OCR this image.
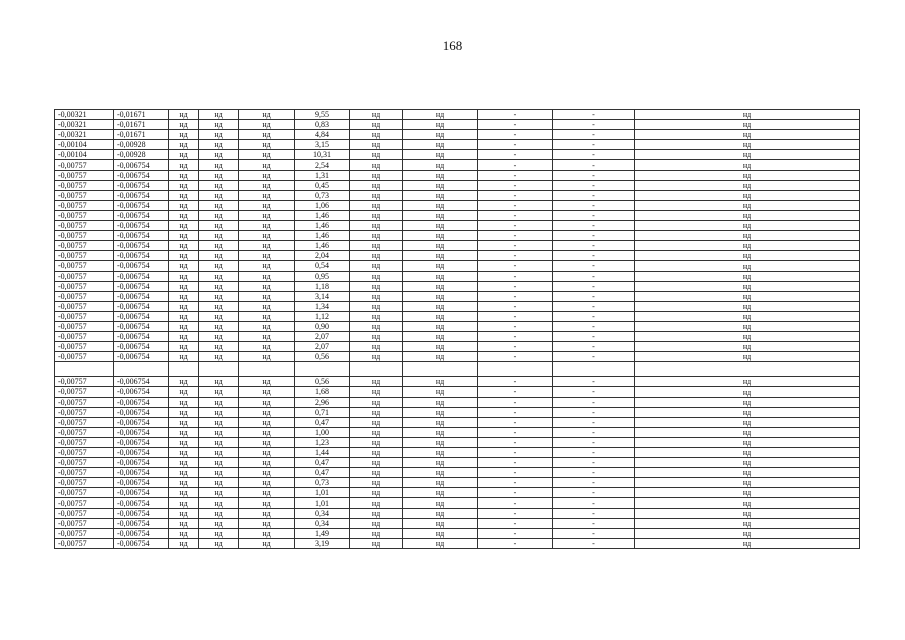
168
-0,00321	-0,01671	нд	нд	нд	9,55	нд	нд	-	-	нд
-0,00321	-0,01671	нд	нд	нд	0,83	нд	нд	-	-	нд
-0,00321	-0,01671	нд	нд	нд	4,84	нд	нд	-	-	нд
-0,00104	-0,00928	нд	нд	нд	3,15	нд	нд	-	-	нд
-0,00104	-0,00928	нд	нд	нд	10,31	нд	нд	-	-	нд
-0,00757	-0,006754	нд	нд	нд	2,54	нд	нд	-	-	нд
-0,00757	-0,006754	нд	нд	нд	1,31	нд	нд	-	-	нд
-0,00757	-0,006754	нд	нд	нд	0,45	нд	нд	-	-	нд
-0,00757	-0,006754	нд	нд	нд	0,73	нд	нд	-	-	нд
-0,00757	-0,006754	нд	нд	нд	1,06	нд	нд	-	-	нд
-0,00757	-0,006754	нд	нд	нд	1,46	нд	нд	-	-	нд
-0,00757	-0,006754	нд	нд	нд	1,46	нд	нд	-	-	нд
-0,00757	-0,006754	нд	нд	нд	1,46	нд	нд	-	-	нд
-0,00757	-0,006754	нд	нд	нд	1,46	нд	нд	-	-	нд
-0,00757	-0,006754	нд	нд	нд	2,04	нд	нд	-	-	нд
-0,00757	-0,006754	нд	нд	нд	0,54	нд	нд	-	-	нд
-0,00757	-0,006754	нд	нд	нд	0,95	нд	нд	-	-	нд
-0,00757	-0,006754	нд	нд	нд	1,18	нд	нд	-	-	нд
-0,00757	-0,006754	нд	нд	нд	3,14	нд	нд	-	-	нд
-0,00757	-0,006754	нд	нд	нд	1,34	нд	нд	-	-	нд
-0,00757	-0,006754	нд	нд	нд	1,12	нд	нд	-	-	нд
-0,00757	-0,006754	нд	нд	нд	0,90	нд	нд	-	-	нд
-0,00757	-0,006754	нд	нд	нд	2,07	нд	нд	-	-	нд
-0,00757	-0,006754	нд	нд	нд	2,07	нд	нд	-	-	нд
-0,00757	-0,006754	нд	нд	нд	0,56	нд	нд	-	-	нд

-0,00757	-0,006754	нд	нд	нд	0,56	нд	нд	-	-	нд
-0,00757	-0,006754	нд	нд	нд	1,68	нд	нд	-	-	нд
-0,00757	-0,006754	нд	нд	нд	2,96	нд	нд	-	-	нд
-0,00757	-0,006754	нд	нд	нд	0,71	нд	нд	-	-	нд
-0,00757	-0,006754	нд	нд	нд	0,47	нд	нд	-	-	нд
-0,00757	-0,006754	нд	нд	нд	1,00	нд	нд	-	-	нд
-0,00757	-0,006754	нд	нд	нд	1,23	нд	нд	-	-	нд
-0,00757	-0,006754	нд	нд	нд	1,44	нд	нд	-	-	нд
-0,00757	-0,006754	нд	нд	нд	0,47	нд	нд	-	-	нд
-0,00757	-0,006754	нд	нд	нд	0,47	нд	нд	-	-	нд
-0,00757	-0,006754	нд	нд	нд	0,73	нд	нд	-	-	нд
-0,00757	-0,006754	нд	нд	нд	1,01	нд	нд	-	-	нд
-0,00757	-0,006754	нд	нд	нд	1,01	нд	нд	-	-	нд
-0,00757	-0,006754	нд	нд	нд	0,34	нд	нд	-	-	нд
-0,00757	-0,006754	нд	нд	нд	0,34	нд	нд	-	-	нд
-0,00757	-0,006754	нд	нд	нд	1,49	нд	нд	-	-	нд
-0,00757	-0,006754	нд	нд	нд	3,19	нд	нд	-	-	нд
